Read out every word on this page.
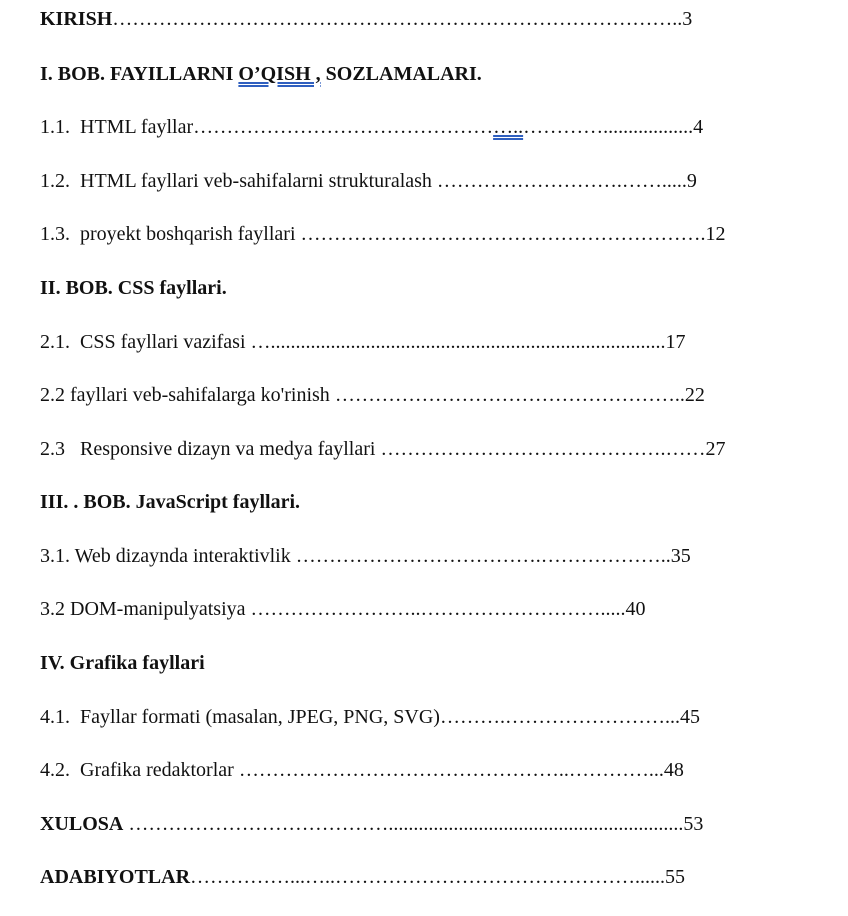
KIRISH…………………………………………………………………………..3
I. BOB. FAYILLARNI O’QISH , SOZLAMALARI.
1.1. HTML fayllar…………………………………………..…………..................4
1.2. HTML fayllari veb-sahifalarni strukturalash ……………………….…….....9
1.3. proyekt boshqarish fayllari …………………………………………………….12
II. BOB. CSS fayllari.
2.1. CSS fayllari vazifasi …...............................................................................17
2.2 fayllari veb-sahifalarga ko'rinish ……………………………………………..22
2.3 Responsive dizayn va medya fayllari …………………………………….……27
III. . BOB. JavaScript fayllari.
3.1. Web dizaynda interaktivlik ……………………………….………………..35
3.2 DOM-manipulyatsiya ……………………..……………………….....40
IV. Grafika fayllari
4.1. Fayllar formati (masalan, JPEG, PNG, SVG)……….……………………...45
4.2. Grafika redaktorlar …………………………………………..…………...48
XULOSA …………………………………...........................................................53
ADABIYOTLAR……………...…..………………………………………......55
